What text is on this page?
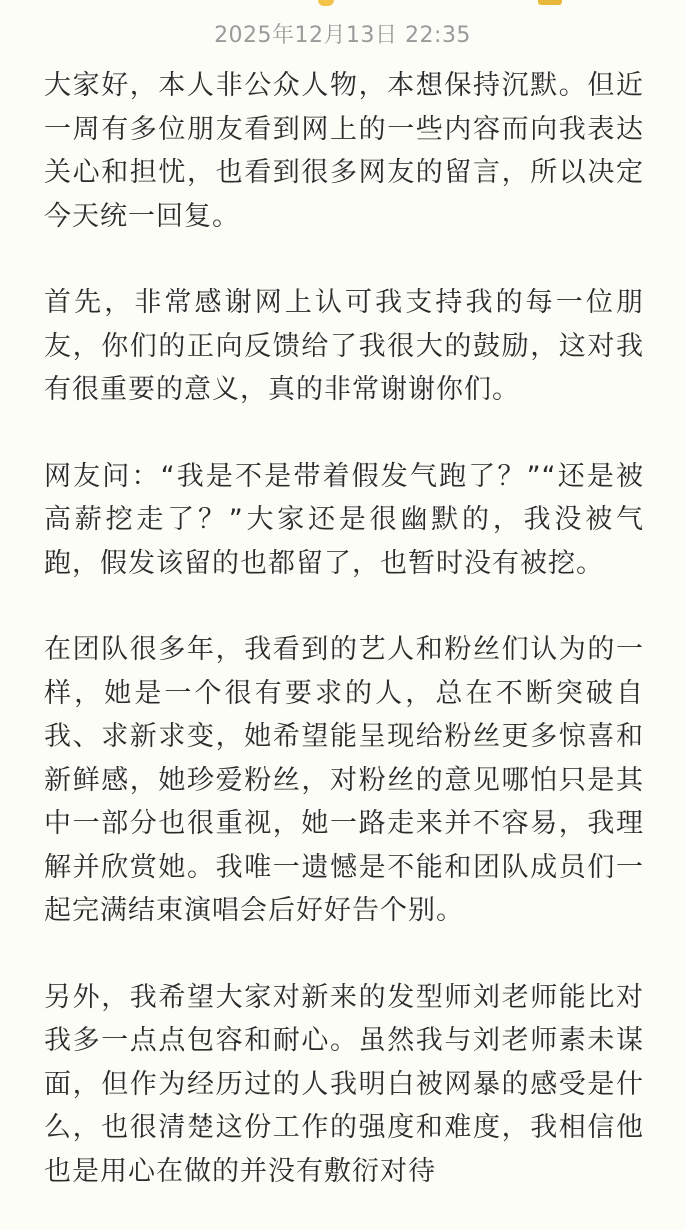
2025年12月13日 22:35

大家好，本人非公众人物，本想保持沉默。但近一周有多位朋友看到网上的一些内容而向我表达关心和担忧，也看到很多网友的留言，所以决定今天统一回复。

首先，非常感谢网上认可我支持我的每一位朋友，你们的正向反馈给了我很大的鼓励，这对我有很重要的意义，真的非常谢谢你们。

网友问：“我是不是带着假发气跑了？”“还是被高薪挖走了？”大家还是很幽默的，我没被气跑，假发该留的也都留了，也暂时没有被挖。

在团队很多年，我看到的艺人和粉丝们认为的一样，她是一个很有要求的人，总在不断突破自我、求新求变，她希望能呈现给粉丝更多惊喜和新鲜感，她珍爱粉丝，对粉丝的意见哪怕只是其中一部分也很重视，她一路走来并不容易，我理解并欣赏她。我唯一遗憾是不能和团队成员们一起完满结束演唱会后好好告个别。

另外，我希望大家对新来的发型师刘老师能比对我多一点点包容和耐心。虽然我与刘老师素未谋面，但作为经历过的人我明白被网暴的感受是什么，也很清楚这份工作的强度和难度，我相信他也是用心在做的并没有敷衍对待
